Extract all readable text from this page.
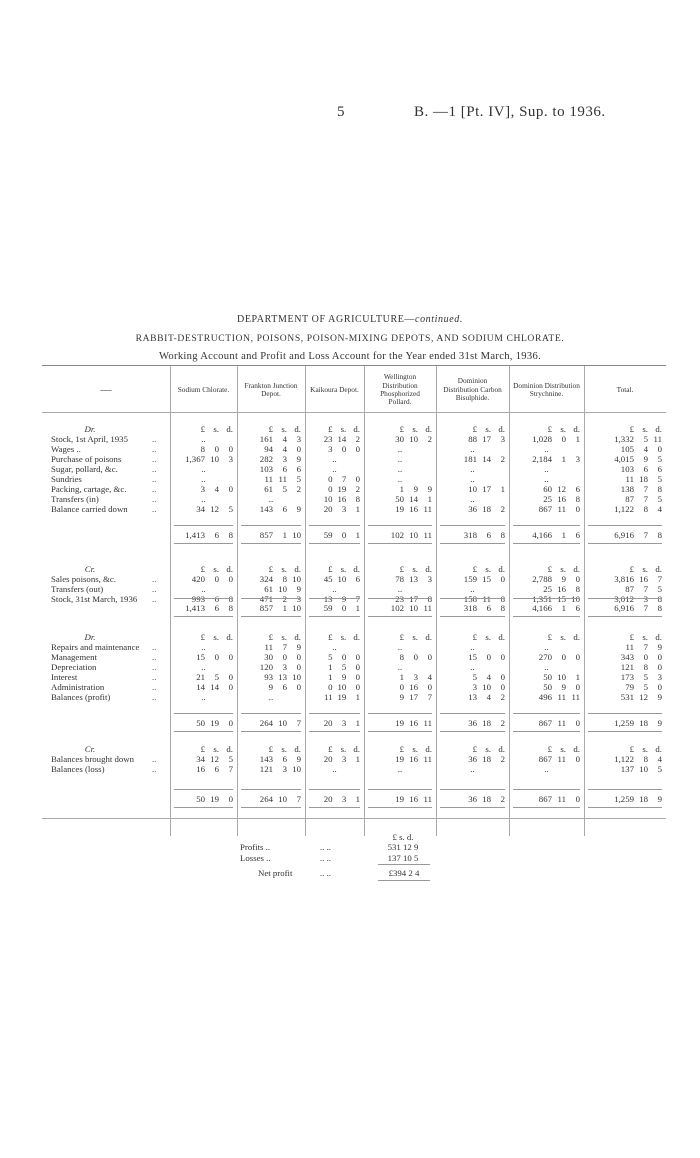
5	B. —1 [Pt. IV], Sup. to 1936.
DEPARTMENT OF AGRICULTURE—continued.
RABBIT-DESTRUCTION, POISONS, POISON-MIXING DEPOTS, AND SODIUM CHLORATE.
Working Account and Profit and Loss Account for the Year ended 31st March, 1936.
—	Sodium Chlorate.	Frankton Junction Depot.	Kaikoura Depot.
Wellington Distribution Phosphorized Pollard.
Dominion Distribution Carbon Bisulphide.
Dominion Distribution Strychnine.	Total.
Dr.	£ s. d.	£ s. d.	£ s. d.	£ s. d.	£ s. d.	£ s. d.	£ s. d.
Stock, 1st April, 1935	..	..	161	4	3	23 14	2	30 10	2	88 17	3	1,028	0	1	1,332	5 11
Wages ..	..	8	0	0	94	4	0	3	0	0	..	..	..	105	4	0
Purchase of poisons	..	1,367 10	3	282	3	9	..	..	181 14	2	2,184	1	3	4,015	9	5
Sugar, pollard, &c.	..	..	103	6	6	..	..	..	..	103	6	6
Sundries	..	..	11 11	5	0	7	0	..	..	..	11 18	5
Packing, cartage, &c.	..	3	4	0	61	5	2	0 19	2	1	9	9	10 17	1	60 12	6	138	7	8
Transfers (in)	..	..	..	10 16	8	50 14	1	..	25 16	8	87	7	5
Balance carried down	..	34 12	5	143	6	9	20	3	1	19 16 11	36 18	2	867 11	0	1,122	8	4
1,413	6	8	857	1 10	59	0	1	102 10 11	318	6	8	4,166	1	6	6,916	7	8
Cr.	£ s. d.	£ s. d.	£ s. d.	£ s. d.	£ s. d.	£ s. d.	£ s. d.
Sales poisons, &c.	..	420	0	0	324	8 10	45 10	6	78 13	3	159 15	0	2,788	9	0	3,816 16	7
Transfers (out)	..	..	61 10	9	..	..	..	25 16	8	87	7	5
Stock, 31st March, 1936	..	993	6	8	471	2	3	13	9	7	23 17	8	158 11	8	1,351 15 10	3,012	3	8
1,413	6	8	857	1 10	59	0	1	102 10 11	318	6	8	4,166	1	6	6,916	7	8
Dr.	£ s. d.	£ s. d.	£ s. d.	£ s. d.	£ s. d.	£ s. d.	£ s. d.
Repairs and maintenance	..	..	11	7	9	..	..	..	..	11	7	9
Management	..	15	0	0	30	0	0	5	0	0	8	0	0	15	0	0	270	0	0	343	0	0
Depreciation	..	..	120	3	0	1	5	0	..	..	..	121	8	0
Interest	..	21	5	0	93 13 10	1	9	0	1	3	4	5	4	0	50 10	1	173	5	3
Administration	..	14 14	0	9	6	0	0 10	0	0 16	0	3 10	0	50	9	0	79	5	0
Balances (profit)	..	..	..	11 19	1	9 17	7	13	4	2	496 11 11	531 12	9
50 19	0	264 10	7	20	3	1	19 16 11	36 18	2	867 11	0	1,259 18	9
Cr.	£ s. d.	£ s. d.	£ s. d.	£ s. d.	£ s. d.	£ s. d.	£ s. d.
Balances brought down	..	34 12	5	143	6	9	20	3	1	19 16 11	36 18	2	867 11	0	1,122	8	4
Balances (loss)	..	16	6	7	121	3 10	..	..	..	..	137 10	5
50 19	0	264 10	7	20	3	1	19 16 11	36 18	2	867 11	0	1,259 18	9
£ s. d.
Profits ..	.. ..	531 12 9
Losses ..	.. ..	137 10 5
Net profit	.. ..	£394 2 4
